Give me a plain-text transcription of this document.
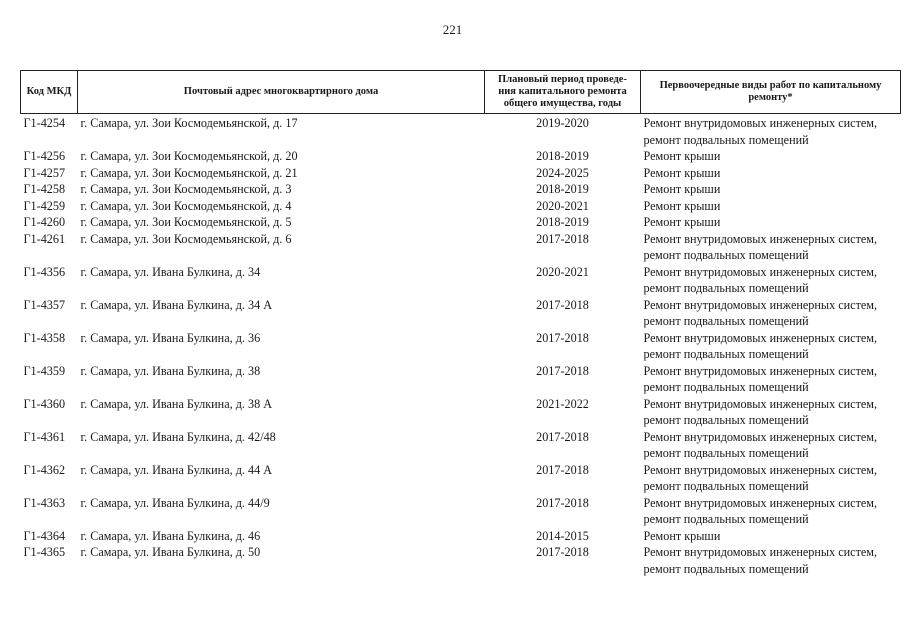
221
Код МКД	Почтовый адрес многоквартирного дома	Плановый период проведе-
ния капитального ремонта
общего имущества, годы	Первоочередные виды работ по капитальному
ремонту*

Г1-4254	г. Самара, ул. Зои Космодемьянской, д. 17	2019-2020	Ремонт внутридомовых инженерных систем,
ремонт подвальных помещений

Г1-4256	г. Самара, ул. Зои Космодемьянской, д. 20	2018-2019	Ремонт крыши

Г1-4257	г. Самара, ул. Зои Космодемьянской, д. 21	2024-2025	Ремонт крыши

Г1-4258	г. Самара, ул. Зои Космодемьянской, д. 3	2018-2019	Ремонт крыши

Г1-4259	г. Самара, ул. Зои Космодемьянской, д. 4	2020-2021	Ремонт крыши

Г1-4260	г. Самара, ул. Зои Космодемьянской, д. 5	2018-2019	Ремонт крыши

Г1-4261	г. Самара, ул. Зои Космодемьянской, д. 6	2017-2018	Ремонт внутридомовых инженерных систем,
ремонт подвальных помещений

Г1-4356	г. Самара, ул. Ивана Булкина, д. 34	2020-2021	Ремонт внутридомовых инженерных систем,
ремонт подвальных помещений

Г1-4357	г. Самара, ул. Ивана Булкина, д. 34 А	2017-2018	Ремонт внутридомовых инженерных систем,
ремонт подвальных помещений

Г1-4358	г. Самара, ул. Ивана Булкина, д. 36	2017-2018	Ремонт внутридомовых инженерных систем,
ремонт подвальных помещений

Г1-4359	г. Самара, ул. Ивана Булкина, д. 38	2017-2018	Ремонт внутридомовых инженерных систем,
ремонт подвальных помещений

Г1-4360	г. Самара, ул. Ивана Булкина, д. 38 А	2021-2022	Ремонт внутридомовых инженерных систем,
ремонт подвальных помещений

Г1-4361	г. Самара, ул. Ивана Булкина, д. 42/48	2017-2018	Ремонт внутридомовых инженерных систем,
ремонт подвальных помещений

Г1-4362	г. Самара, ул. Ивана Булкина, д. 44 А	2017-2018	Ремонт внутридомовых инженерных систем,
ремонт подвальных помещений

Г1-4363	г. Самара, ул. Ивана Булкина, д. 44/9	2017-2018	Ремонт внутридомовых инженерных систем,
ремонт подвальных помещений

Г1-4364	г. Самара, ул. Ивана Булкина, д. 46	2014-2015	Ремонт крыши

Г1-4365	г. Самара, ул. Ивана Булкина, д. 50	2017-2018	Ремонт внутридомовых инженерных систем,
ремонт подвальных помещений
